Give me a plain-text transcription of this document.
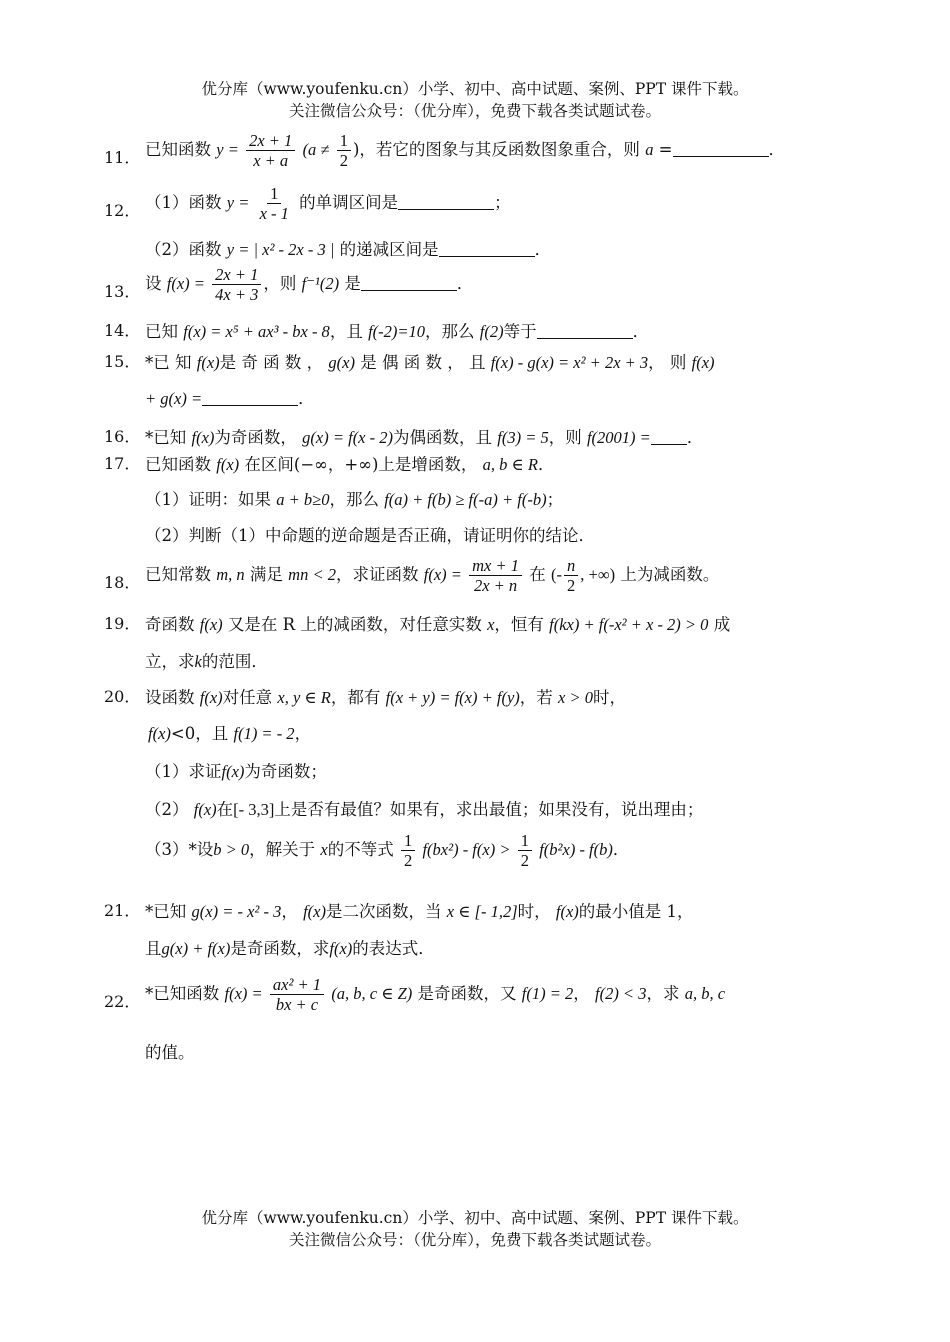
优分库（www.youfenku.cn）小学、初中、高中试题、案例、PPT 课件下载。

关注微信公众号：（优分库），免费下载各类试题试卷。

11． 已知函数 $y = \frac{2x + 1}{x + a} (a \ne \frac{1}{2}$ )，若它的图象与其反函数图象重合，则 a =	．
12． （1）函数 $y = \frac{1}{x - 1}$ 的单调区间是	；
（2）函数 y = | x² - 2x - 3 | 的递减区间是	．
13． 设 $f(x) = \frac{2x + 1}{4x + 3}$ ，则 f⁻¹(2) 是	．
14． 已知 f(x) = x⁵ + ax³ - bx - 8，且 f(-2)=10，那么 f(2)等于	．
15． *已 知 f(x)是 奇 函 数 ， g(x) 是 偶 函 数 ， 且 f(x) - g(x) = x² + 2x + 3， 则 f(x)
+ g(x) =	．
16． *已知 f(x)为奇函数， g(x) = f(x - 2)为偶函数，且 f(3) = 5，则 f(2001) = ．
17． 已知函数 f(x) 在区间(−∞，+∞)上是增函数， a, b ∈ R．
（1）证明：如果 a + b≥0，那么 f(a) + f(b) ≥ f(-a) + f(-b)；
（2）判断（1）中命题的逆命题是否正确，请证明你的结论．
18． 已知常数 m, n 满足 mn < 2，求证函数 $f(x) = \frac{mx + 1}{2x + n}$ 在 (- $\frac{n}{2}$ , +∞) 上为减函数。
19． 奇函数 f(x) 又是在 R 上的减函数，对任意实数 x，恒有 f(kx) + f(-x² + x - 2) > 0 成
立，求k的范围．
20． 设函数 f(x)对任意 x, y ∈ R，都有 f(x + y) = f(x) + f(y)，若 x > 0时，
f(x)<0，且 f(1) = - 2，
（1）求证f(x)为奇函数；
（2） f(x)在[- 3,3]上是否有最值？如果有，求出最值；如果没有，说出理由；
（3）*设b > 0，解关于 x的不等式 $\frac{1}{2} f(bx^2) - f(x) > \frac{1}{2} f(b^2x) - f(b)$．
21． *已知 g(x) = - x² - 3， f(x)是二次函数，当 x ∈ [- 1,2]时， f(x)的最小值是 1，
且g(x) + f(x)是奇函数，求f(x)的表达式．
22． *已知函数 $f(x) = \frac{\text{ax² + 1}}{bx + c} (a$, b, c ∈ Z) 是奇函数，又 f(1) = 2， f(2) < 3，求 a, b, c
的值。

优分库（www.youfenku.cn）小学、初中、高中试题、案例、PPT 课件下载。

关注微信公众号：（优分库），免费下载各类试题试卷。
